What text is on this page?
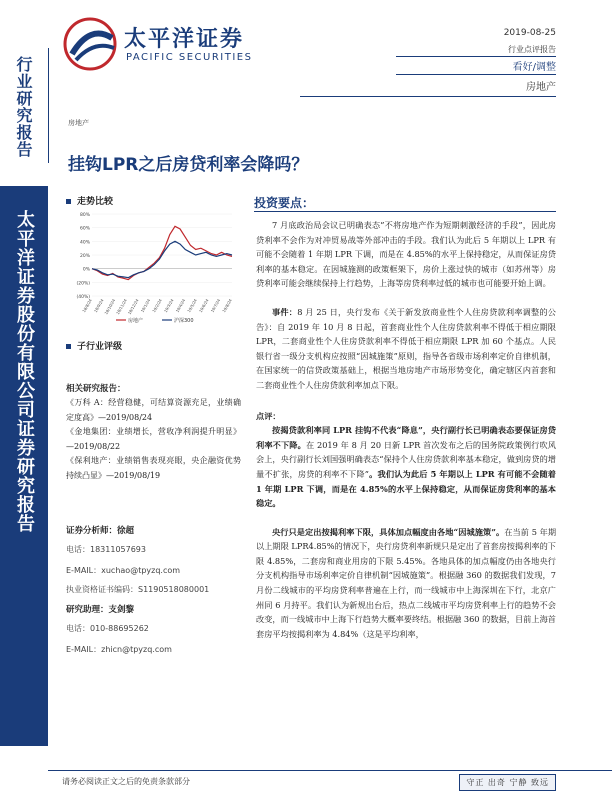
行业研究报告
太平洋证券股份有限公司证券研究报告
太平洋证券
PACIFIC SECURITIES
2019-08-25
行业点评报告
看好/调整
房地产
房地产
挂钩LPR之后房贷利率会降吗？
走势比较
80%
60%
40%
20%
0%
(20%)
(40%)
18/8/24 18/9/24
18/10/24
18/11/24
18/12/24 19/1/24 19/2/24 19/3/24 19/4/24 19/5/24 19/6/24 19/7/24 19/8/24
房地产	沪深300
子行业评级
相关研究报告：
《万科 A：经营稳健，可结算资源充足，业绩确定度高》—2019/08/24
《金地集团：业绩增长，营收净利润提升明显》—2019/08/22
《保利地产：业绩销售表现亮眼，央企融资优势持续凸显》—2019/08/19
证券分析师：徐超
电话：18311057693
E-MAIL：xuchao@tpyzq.com
执业资格证书编码：S1190518080001
研究助理：支剑黎
电话：010-88695262
E-MAIL：zhicn@tpyzq.com
投资要点：

7 月底政治局会议已明确表态”不将房地产作为短期刺激经济的手段”，因此房贷利率不会作为对冲贸易战等外部冲击的手段。我们认为此后 5 年期以上 LPR 有可能不会随着 1 年期 LPR 下调，而是在 4.85%的水平上保持稳定，从而保证房贷利率的基本稳定。在因城施测的政策框架下，房价上涨过快的城市（如苏州等）房贷利率可能会继续保持上行趋势，上海等房贷利率过低的城市也可能要开始上调。

事件：8 月 25 日，央行发布《关于新发放商业性个人住房贷款利率调整的公告》：自 2019 年 10 月 8 日起，首套商业性个人住房贷款利率不得低于相应期限 LPR，二套商业性个人住房贷款利率不得低于相应期限 LPR 加 60 个基点。人民银行省一级分支机构应按照“因城施策”原则，指导各省级市场利率定价自律机制，在国家统一的信贷政策基础上，根据当地房地产市场形势变化，确定辖区内首套和二套商业性个人住房贷款利率加点下限。

点评：

按揭贷款利率同 LPR 挂钩不代表“降息”，央行副行长已明确表态要保证房贷利率不下降。在 2019 年 8 月 20 日新 LPR 首次发布之后的国务院政策例行吹风会上，央行副行长刘国强明确表态“保持个人住房贷款利率基本稳定，做到房贷的增量不扩张，房贷的利率不下降”。我们认为此后 5 年期以上 LPR 有可能不会随着 1 年期 LPR 下调，而是在 4.85%的水平上保持稳定，从而保证房贷利率的基本稳定。

央行只是定出按揭利率下限，具体加点幅度由各地“因城施策”。在当前 5 年期以上期限 LPR4.85%的情况下，央行房贷利率新规只是定出了首套房按揭利率的下限 4.85%，二套房和商业用房的下限 5.45%。各地具体的加点幅度仍由各地央行分支机构指导市场利率定价自律机制“因城施策”。根据融 360 的数据我们发现，7 月份二线城市的平均房贷利率普遍在上行，而一线城市中上海深圳在下行，北京广州同 6 月持平。我们认为新规出台后，热点二线城市平均房贷利率上行的趋势不会改变，而一线城市中上海下行趋势大概率要终结。根据融 360 的数据，目前上海首套房平均按揭利率为 4.84%（这是平均利率，

请务必阅读正文之后的免责条款部分	守正 出奇 宁静 致远
